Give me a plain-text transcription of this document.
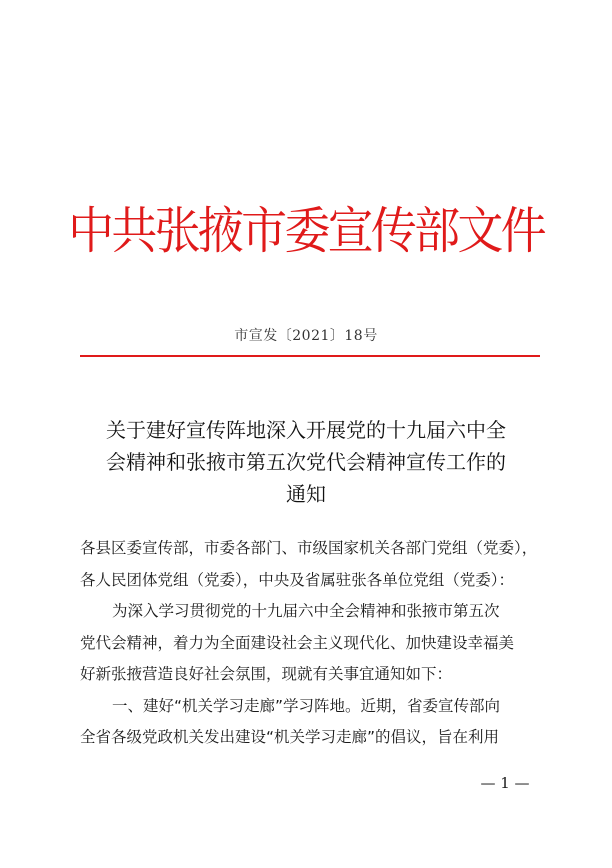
中共张掖市委宣传部文件
市宣发〔2021〕18号
关于建好宣传阵地深入开展党的十九届六中全
会精神和张掖市第五次党代会精神宣传工作的
通知
各县区委宣传部，市委各部门、市级国家机关各部门党组（党委），
各人民团体党组（党委），中央及省属驻张各单位党组（党委）：
为深入学习贯彻党的十九届六中全会精神和张掖市第五次
党代会精神，着力为全面建设社会主义现代化、加快建设幸福美
好新张掖营造良好社会氛围，现就有关事宜通知如下：
一、建好“机关学习走廊”学习阵地。近期，省委宣传部向
全省各级党政机关发出建设“机关学习走廊”的倡议，旨在利用
— 1 —
